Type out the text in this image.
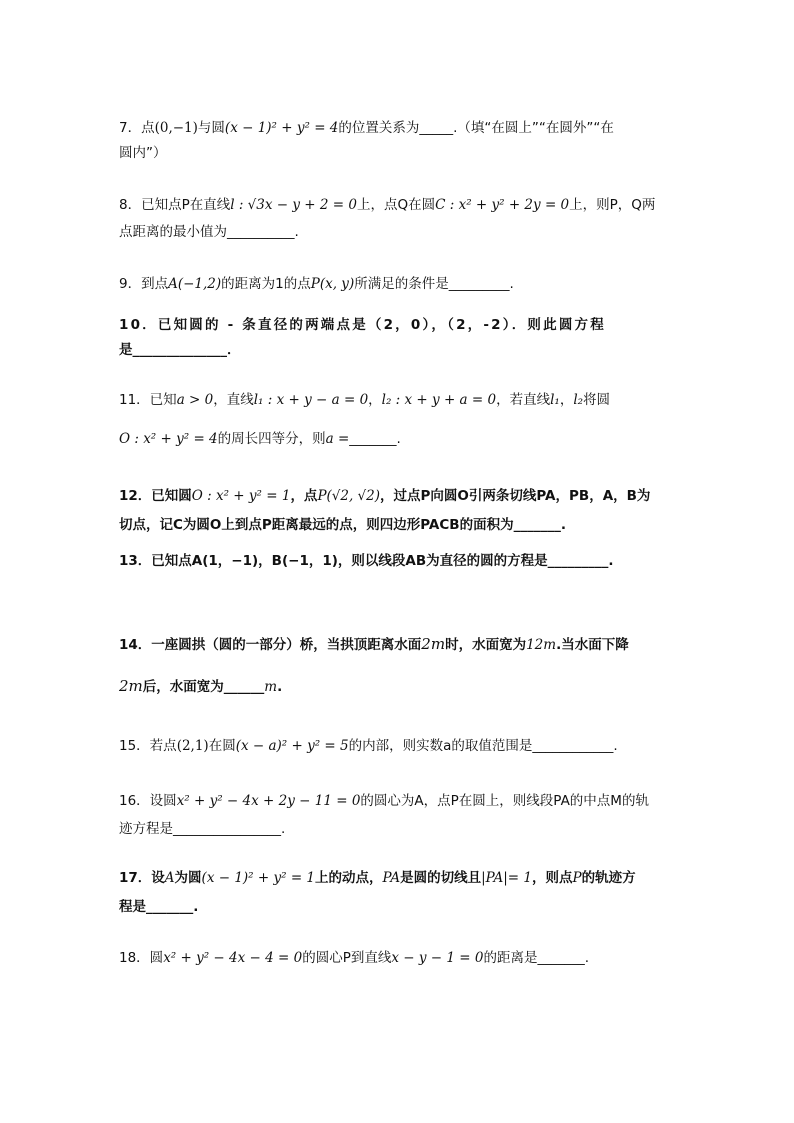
7．点(0,−1)与圆(x − 1)² + y² = 4的位置关系为_____.（填“在圆上”“在圆外”“在
圆内”）
8．已知点P在直线l : √3x − y + 2 = 0上，点Q在圆C : x² + y² + 2y = 0上，则P，Q两
点距离的最小值为__________.
9．到点A(−1,2)的距离为1的点P(x, y)所满足的条件是_________.
10．已知圆的 - 条直径的两端点是（2，0），（2，-2）．则此圆方程
是______________．
11．已知a > 0，直线l₁ : x + y − a = 0，l₂ : x + y + a = 0，若直线l₁，l₂将圆
O : x² + y² = 4的周长四等分，则a =_______.
12．已知圆O : x² + y² = 1，点P(√2, √2)，过点P向圆O引两条切线PA，PB，A，B为
切点，记C为圆O上到点P距离最远的点，则四边形PACB的面积为_______.
13．已知点A(1，−1)，B(−1，1)，则以线段AB为直径的圆的方程是_________.
14．一座圆拱（圆的一部分）桥，当拱顶距离水面2m时，水面宽为12m.当水面下降
2m后，水面宽为______m.
15．若点(2,1)在圆(x − a)² + y² = 5的内部，则实数a的取值范围是____________.
16．设圆x² + y² − 4x + 2y − 11 = 0的圆心为A，点P在圆上，则线段PA的中点M的轨
迹方程是________________.
17．设A为圆(x − 1)² + y² = 1上的动点，PA是圆的切线且|PA|= 1，则点P的轨迹方
程是_______.
18．圆x² + y² − 4x − 4 = 0的圆心P到直线x − y − 1 = 0的距离是_______.
